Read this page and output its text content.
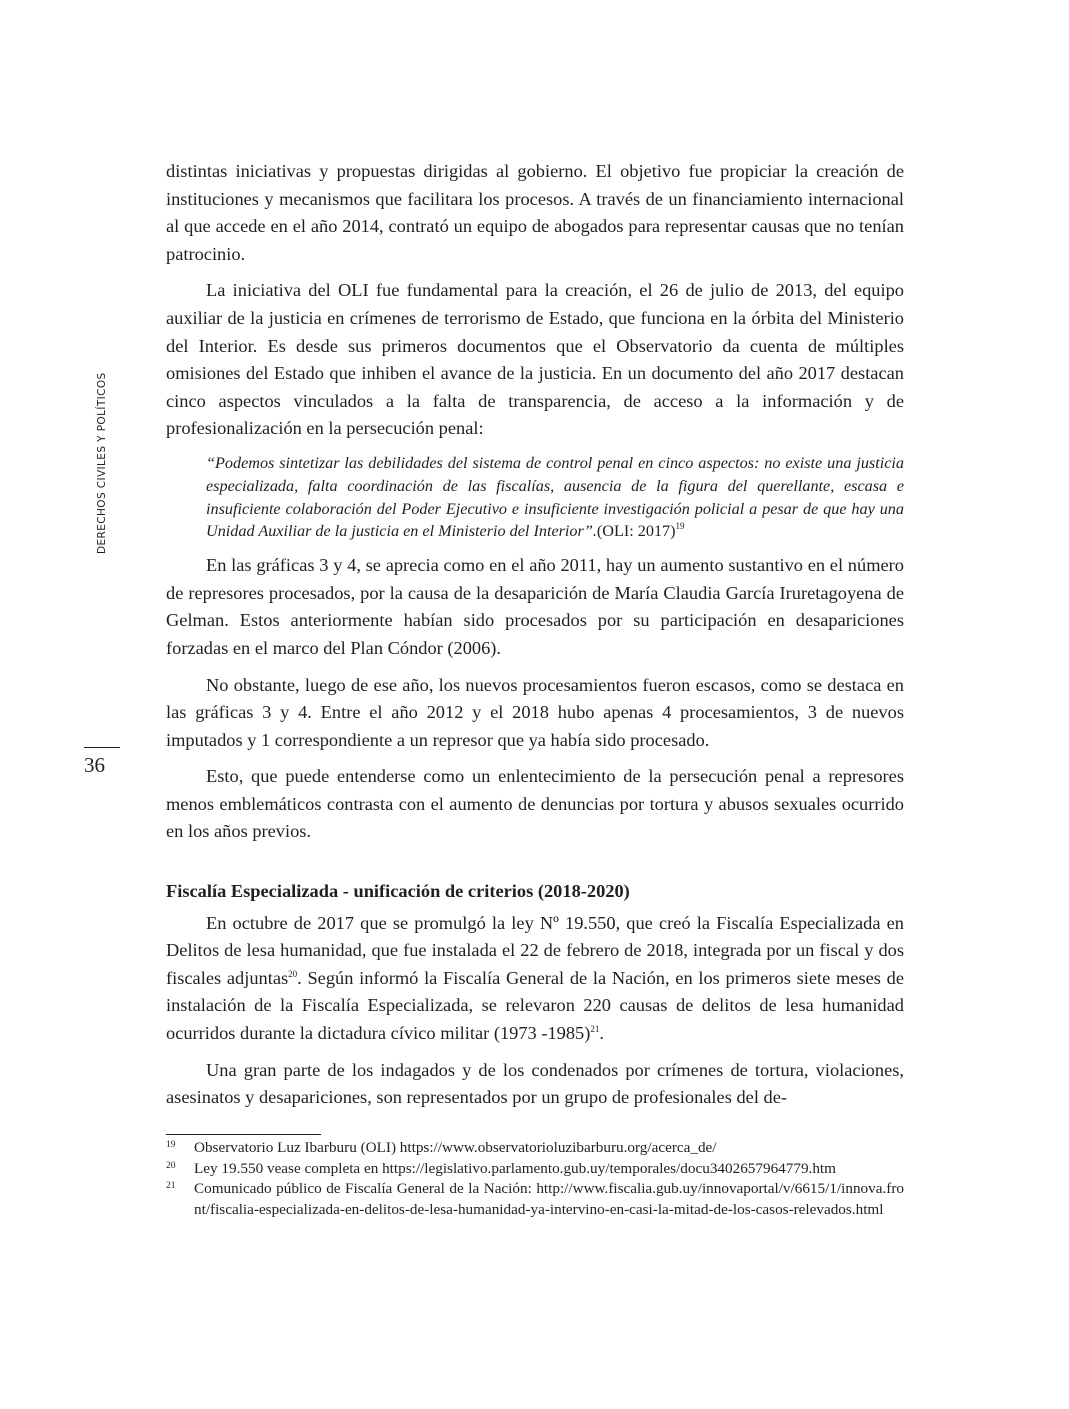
DERECHOS CIVILES Y POLÍTICOS
36

distintas iniciativas y propuestas dirigidas al gobierno. El objetivo fue propiciar la creación de instituciones y mecanismos que facilitara los procesos. A través de un financiamiento internacional al que accede en el año 2014, contrató un equipo de abogados para representar causas que no tenían patrocinio.

La iniciativa del OLI fue fundamental para la creación, el 26 de julio de 2013, del equipo auxiliar de la justicia en crímenes de terrorismo de Estado, que funciona en la órbita del Ministerio del Interior. Es desde sus primeros documentos que el Observatorio da cuenta de múltiples omisiones del Estado que inhiben el avance de la justicia. En un documento del año 2017 destacan cinco aspectos vinculados a la falta de transparencia, de acceso a la información y de profesionalización en la persecución penal:

“Podemos sintetizar las debilidades del sistema de control penal en cinco aspectos: no existe una justicia especializada, falta coordinación de las fiscalías, ausencia de la figura del querellante, escasa e insuficiente colaboración del Poder Ejecutivo e insuficiente investigación policial a pesar de que hay una Unidad Auxiliar de la justicia en el Ministerio del Interior”.(OLI: 2017)$^{19}$

En las gráficas 3 y 4, se aprecia como en el año 2011, hay un aumento sustantivo en el número de represores procesados, por la causa de la desaparición de María Claudia García Iruretagoyena de Gelman. Estos anteriormente habían sido procesados por su participación en desapariciones forzadas en el marco del Plan Cóndor (2006).

No obstante, luego de ese año, los nuevos procesamientos fueron escasos, como se destaca en las gráficas 3 y 4. Entre el año 2012 y el 2018 hubo apenas 4 procesamientos, 3 de nuevos imputados y 1 correspondiente a un represor que ya había sido procesado.

Esto, que puede entenderse como un enlentecimiento de la persecución penal a represores menos emblemáticos contrasta con el aumento de denuncias por tortura y abusos sexuales ocurrido en los años previos.

Fiscalía Especializada - unificación de criterios (2018-2020)

En octubre de 2017 que se promulgó la ley Nº 19.550, que creó la Fiscalía Especializada en Delitos de lesa humanidad, que fue instalada el 22 de febrero de 2018, integrada por un fiscal y dos fiscales adjuntas$^{20}$. Según informó la Fiscalía General de la Nación, en los primeros siete meses de instalación de la Fiscalía Especializada, se relevaron 220 causas de delitos de lesa humanidad ocurridos durante la dictadura cívico militar (1973 -1985)$^{21}$.

Una gran parte de los indagados y de los condenados por crímenes de tortura, violaciones, asesinatos y desapariciones, son representados por un grupo de profesionales del de-

19 Observatorio Luz Ibarburu (OLI) https://www.observatorioluzibarburu.org/acerca_de/
20 Ley 19.550 vease completa en https://legislativo.parlamento.gub.uy/temporales/docu3402657964779.htm
21 Comunicado público de Fiscalía General de la Nación: http://www.fiscalia.gub.uy/innovaportal/v/6615/1/innova.front/fiscalia-especializada-en-delitos-de-lesa-humanidad-ya-intervino-en-casi-la-mitad-de-los-casos-relevados.html
